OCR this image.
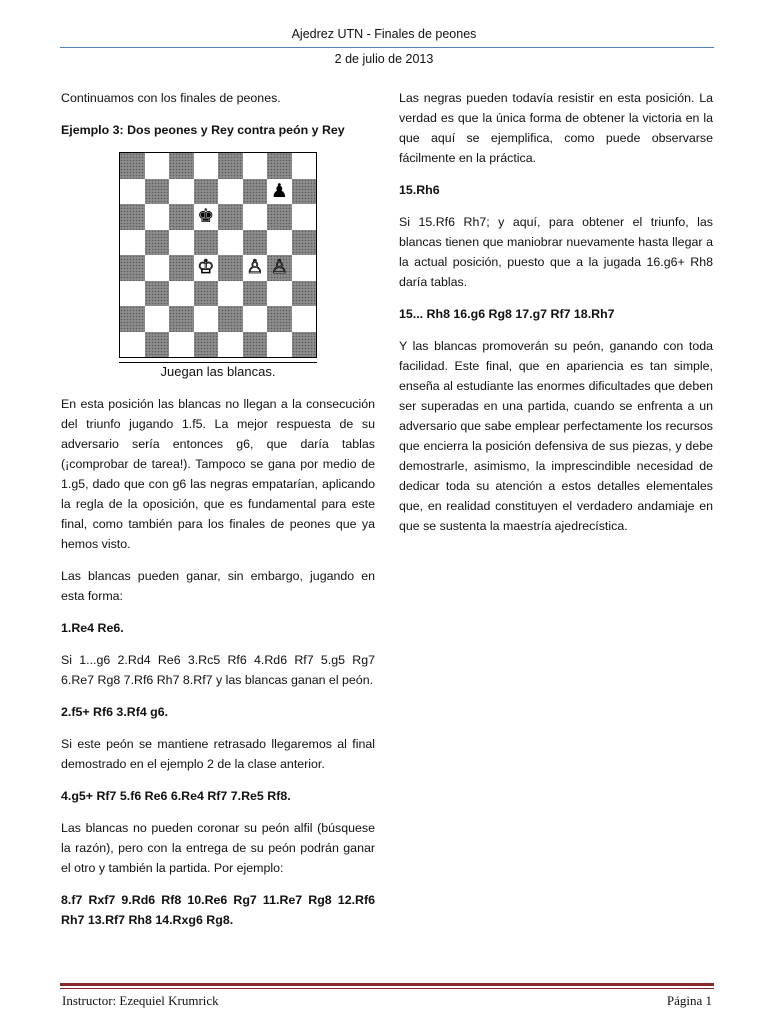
Ajedrez UTN - Finales de peones
2 de julio de 2013

Continuamos con los finales de peones.

Ejemplo 3: Dos peones y Rey contra peón y Rey

♟
♚
♔ ♙ ♙
Juegan las blancas.

En esta posición las blancas no llegan a la consecución del triunfo jugando 1.f5. La mejor respuesta de su adversario sería entonces g6, que daría tablas (¡comprobar de tarea!). Tampoco se gana por medio de 1.g5, dado que con g6 las negras empatarían, aplicando la regla de la oposición, que es fundamental para este final, como también para los finales de peones que ya hemos visto.

Las blancas pueden ganar, sin embargo, jugando en esta forma:

1.Re4 Re6.

Si 1...g6 2.Rd4 Re6 3.Rc5 Rf6 4.Rd6 Rf7 5.g5 Rg7 6.Re7 Rg8 7.Rf6 Rh7 8.Rf7 y las blancas ganan el peón.

2.f5+ Rf6 3.Rf4 g6.

Si este peón se mantiene retrasado llegaremos al final demostrado en el ejemplo 2 de la clase anterior.

4.g5+ Rf7 5.f6 Re6 6.Re4 Rf7 7.Re5 Rf8.

Las blancas no pueden coronar su peón alfil (búsquese la razón), pero con la entrega de su peón podrán ganar el otro y también la partida. Por ejemplo:

8.f7 Rxf7 9.Rd6 Rf8 10.Re6 Rg7 11.Re7 Rg8 12.Rf6 Rh7 13.Rf7 Rh8 14.Rxg6 Rg8.

Las negras pueden todavía resistir en esta posición. La verdad es que la única forma de obtener la victoria en la que aquí se ejemplifica, como puede observarse fácilmente en la práctica.

15.Rh6

Si 15.Rf6 Rh7; y aquí, para obtener el triunfo, las blancas tienen que maniobrar nuevamente hasta llegar a la actual posición, puesto que a la jugada 16.g6+ Rh8 daría tablas.

15... Rh8 16.g6 Rg8 17.g7 Rf7 18.Rh7

Y las blancas promoverán su peón, ganando con toda facilidad. Este final, que en apariencia es tan simple, enseña al estudiante las enormes dificultades que deben ser superadas en una partida, cuando se enfrenta a un adversario que sabe emplear perfectamente los recursos que encierra la posición defensiva de sus piezas, y debe demostrarle, asimismo, la imprescindible necesidad de dedicar toda su atención a estos detalles elementales que, en realidad constituyen el verdadero andamiaje en que se sustenta la maestría ajedrecística.

Instructor: Ezequiel Krumrick	Página 1
